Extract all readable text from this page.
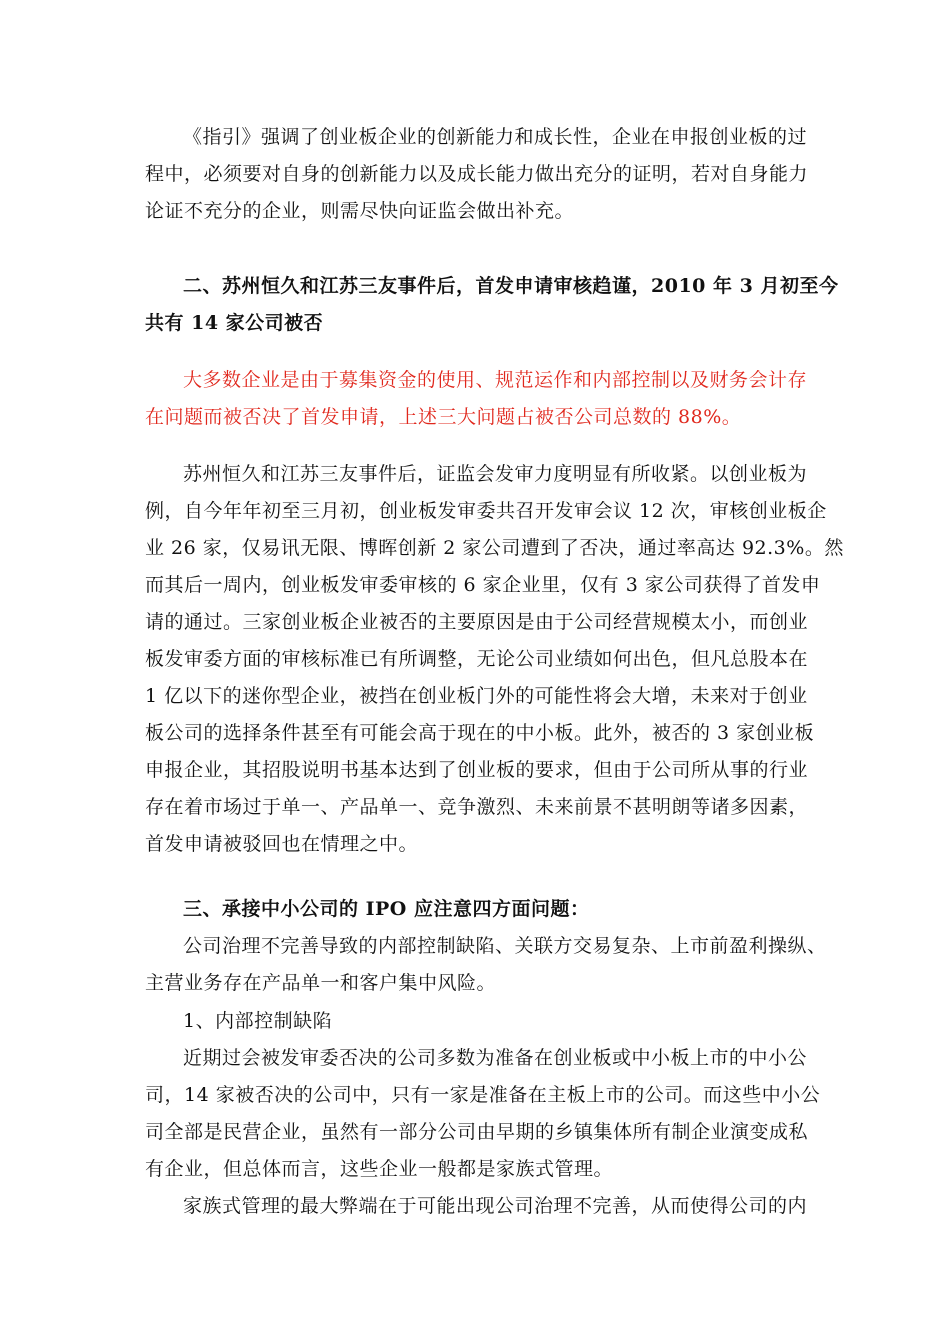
《指引》强调了创业板企业的创新能力和成长性，企业在申报创业板的过
程中，必须要对自身的创新能力以及成长能力做出充分的证明，若对自身能力
论证不充分的企业，则需尽快向证监会做出补充。
二、苏州恒久和江苏三友事件后，首发申请审核趋谨，2010 年 3 月初至今
共有 14 家公司被否
大多数企业是由于募集资金的使用、规范运作和内部控制以及财务会计存
在问题而被否决了首发申请，上述三大问题占被否公司总数的 88%。
苏州恒久和江苏三友事件后，证监会发审力度明显有所收紧。以创业板为
例，自今年年初至三月初，创业板发审委共召开发审会议 12 次，审核创业板企
业 26 家，仅易讯无限、博晖创新 2 家公司遭到了否决，通过率高达 92.3%。然
而其后一周内，创业板发审委审核的 6 家企业里，仅有 3 家公司获得了首发申
请的通过。三家创业板企业被否的主要原因是由于公司经营规模太小，而创业
板发审委方面的审核标准已有所调整，无论公司业绩如何出色，但凡总股本在
1 亿以下的迷你型企业，被挡在创业板门外的可能性将会大增，未来对于创业
板公司的选择条件甚至有可能会高于现在的中小板。此外，被否的 3 家创业板
申报企业，其招股说明书基本达到了创业板的要求，但由于公司所从事的行业
存在着市场过于单一、产品单一、竞争激烈、未来前景不甚明朗等诸多因素，
首发申请被驳回也在情理之中。
三、承接中小公司的 IPO 应注意四方面问题：
公司治理不完善导致的内部控制缺陷、关联方交易复杂、上市前盈利操纵、
主营业务存在产品单一和客户集中风险。
1、内部控制缺陷
近期过会被发审委否决的公司多数为准备在创业板或中小板上市的中小公
司，14 家被否决的公司中，只有一家是准备在主板上市的公司。而这些中小公
司全部是民营企业，虽然有一部分公司由早期的乡镇集体所有制企业演变成私
有企业，但总体而言，这些企业一般都是家族式管理。
家族式管理的最大弊端在于可能出现公司治理不完善，从而使得公司的内
